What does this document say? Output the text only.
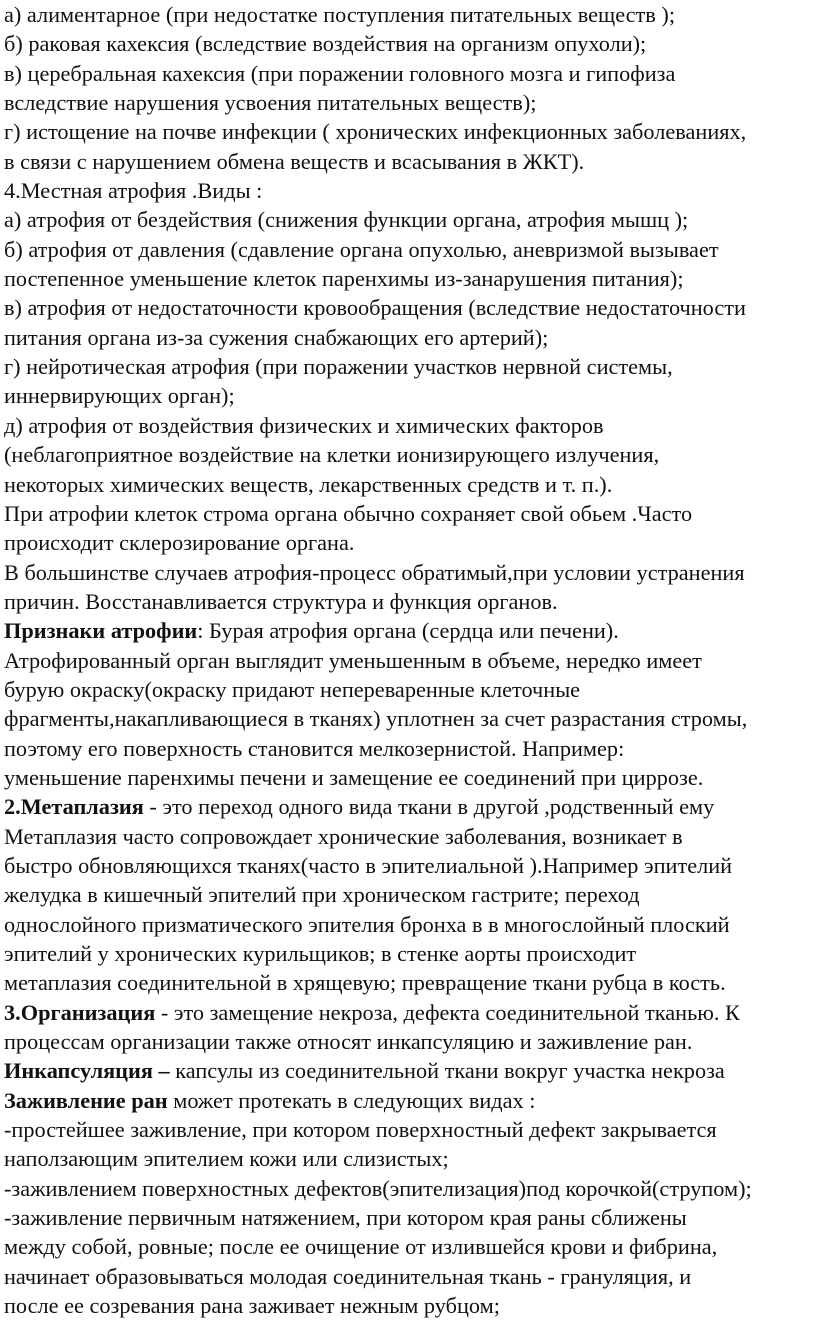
а) алиментарное (при недостатке поступления питательных веществ );

б) раковая кахексия (вследствие воздействия на организм опухоли);

в) церебральная кахексия (при поражении головного мозга и гипофиза

вследствие нарушения усвоения питательных веществ);

г) истощение на почве инфекции ( хронических инфекционных заболеваниях,

в связи с нарушением обмена веществ и всасывания в ЖКТ).

4.Местная атрофия .Виды :

а) атрофия от бездействия (снижения функции органа, атрофия мышц );

б) атрофия от давления (сдавление органа опухолью, аневризмой вызывает

постепенное уменьшение клеток паренхимы из-занарушения питания);

в) атрофия от недостаточности кровообращения (вследствие недостаточности

питания органа из-за сужения снабжающих его артерий);

г) нейротическая атрофия (при поражении участков нервной системы,

иннервирующих орган);

д) атрофия от воздействия физических и химических факторов

(неблагоприятное воздействие на клетки ионизирующего излучения,

некоторых химических веществ, лекарственных средств и т. п.).

При атрофии клеток строма органа обычно сохраняет свой обьем .Часто

происходит склерозирование органа.

В большинстве случаев атрофия-процесс обратимый,при условии устранения

причин. Восстанавливается структура и функция органов.

Признаки атрофии: Бурая атрофия органа (сердца или печени).

Атрофированный орган выглядит уменьшенным в объеме, нередко имеет

бурую окраску(окраску придают непереваренные клеточные

фрагменты,накапливающиеся в тканях) уплотнен за счет разрастания стромы,

поэтому его поверхность становится мелкозернистой. Например:

уменьшение паренхимы печени и замещение ее соединений при циррозе.

2.Метаплазия - это переход одного вида ткани в другой ,родственный ему

Метаплазия часто сопровождает хронические заболевания, возникает в

быстро обновляющихся тканях(часто в эпителиальной ).Например эпителий

желудка в кишечный эпителий при хроническом гастрите; переход

однослойного призматического эпителия бронха в в многослойный плоский

эпителий у хронических курильщиков; в стенке аорты происходит

метаплазия соединительной в хрящевую; превращение ткани рубца в кость.

3.Организация - это замещение некроза, дефекта соединительной тканью. К

процессам организации также относят инкапсуляцию и заживление ран.

Инкапсуляция – капсулы из соединительной ткани вокруг участка некроза

Заживление ран может протекать в следующих видах :

-простейшее заживление, при котором поверхностный дефект закрывается

наползающим эпителием кожи или слизистых;

-заживлением поверхностных дефектов(эпителизация)под корочкой(струпом);

-заживление первичным натяжением, при котором края раны сближены

между собой, ровные; после ее очищение от излившейся крови и фибрина,

начинает образовываться молодая соединительная ткань - грануляция, и

после ее созревания рана заживает нежным рубцом;
